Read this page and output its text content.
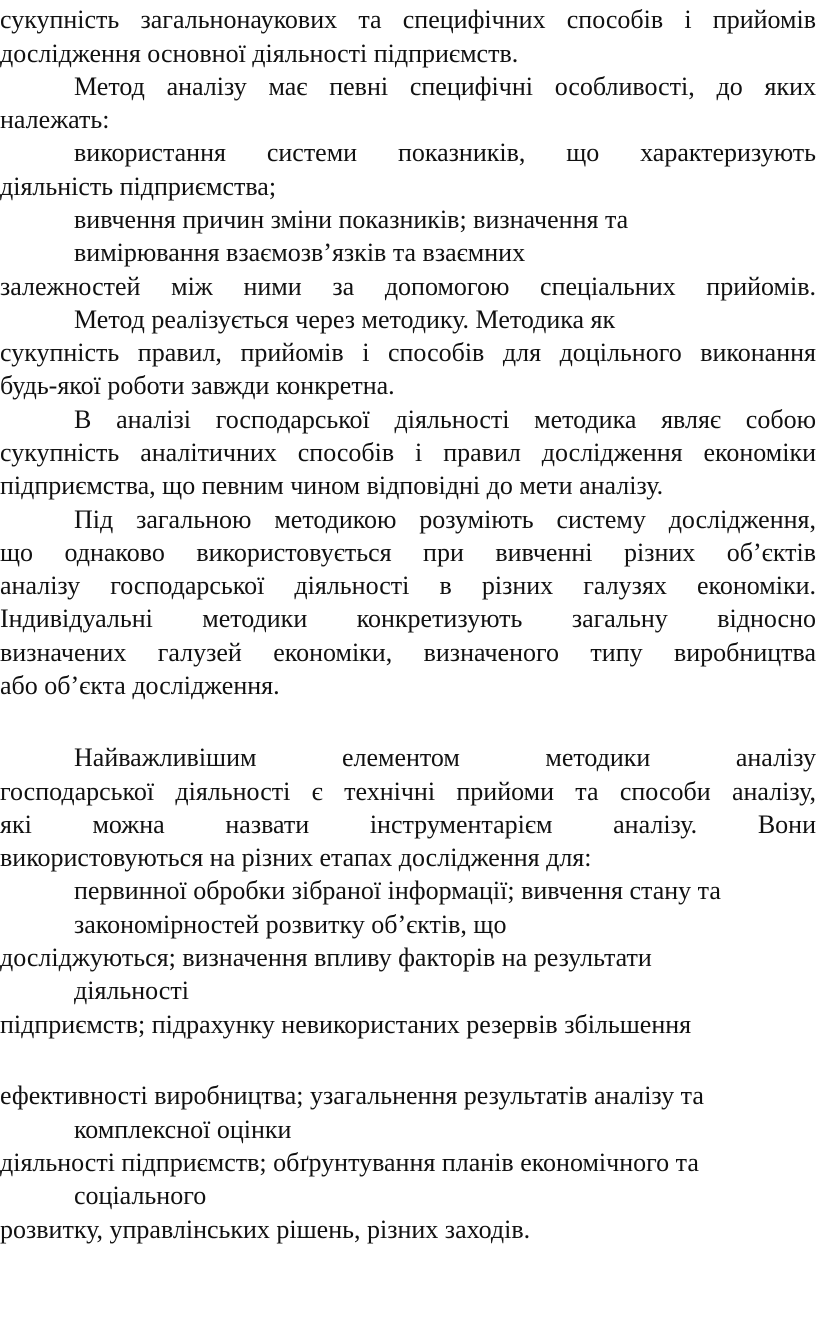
сукупність загальнонаукових та специфічних способів і прийомів
дослідження основної діяльності підприємств.
Метод аналізу має певні специфічні особливості, до яких
належать:
використання системи показників, що характеризують
діяльність підприємства;
вивчення причин зміни показників; визначення та
вимірювання взаємозв’язків та взаємних
залежностей між ними за допомогою спеціальних прийомів.
Метод реалізується через методику. Методика як
сукупність правил, прийомів і способів для доцільного виконання
будь-якої роботи завжди конкретна.
В аналізі господарської діяльності методика являє собою
сукупність аналітичних способів і правил дослідження економіки
підприємства, що певним чином відповідні до мети аналізу.
Під загальною методикою розуміють систему дослідження,
що однаково використовується при вивченні різних об’єктів
аналізу господарської діяльності в різних галузях економіки.
Індивідуальні методики конкретизують загальну відносно
визначених галузей економіки, визначеного типу виробництва
або об’єкта дослідження.
Найважливішим елементом методики аналізу
господарської діяльності є технічні прийоми та способи аналізу,
які можна назвати інструментарієм аналізу. Вони
використовуються на різних етапах дослідження для:
первинної обробки зібраної інформації; вивчення стану та
закономірностей розвитку об’єктів, що
досліджуються; визначення впливу факторів на результати
діяльності
підприємств; підрахунку невикористаних резервів збільшення
ефективності виробництва; узагальнення результатів аналізу та
комплексної оцінки
діяльності підприємств; обґрунтування планів економічного та
соціального
розвитку, управлінських рішень, різних заходів.
